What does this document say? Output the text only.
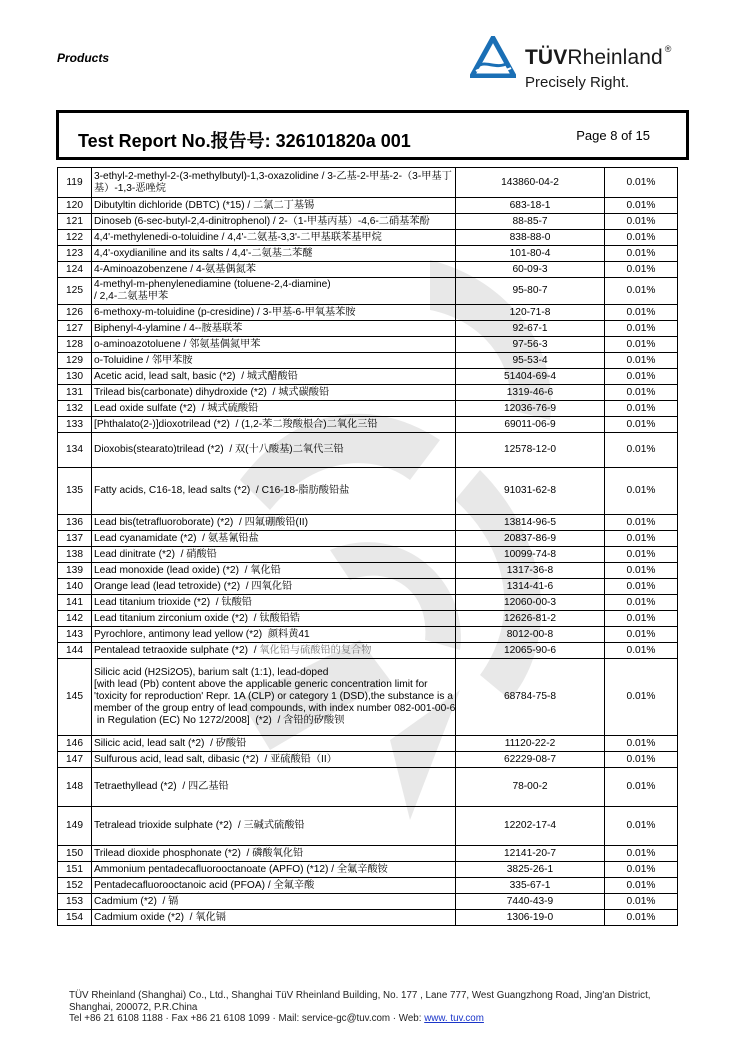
Products	TÜVRheinland ®
Precisely Right.
Test Report No.报告号: 326101820a 001	Page 8 of 15
119	3-ethyl-2-methyl-2-(3-methylbutyl)-1,3-oxazolidine / 3-乙基-2-甲基-2-（3-甲基丁基）-1,3-恶唑烷	143860-04-2	0.01%
120	Dibutyltin dichloride (DBTC) (*15) / 二氯二丁基锡	683-18-1	0.01%
121	Dinoseb (6-sec-butyl-2,4-dinitrophenol) / 2-（1-甲基丙基）-4,6-二硝基苯酚	88-85-7	0.01%
122	4,4'-methylenedi-o-toluidine / 4,4'-二氨基-3,3'-二甲基联苯基甲烷	838-88-0	0.01%
123	4,4'-oxydianiline and its salts / 4,4'-二氨基二苯醚	101-80-4	0.01%
124	4-Aminoazobenzene / 4-氨基偶氮苯	60-09-3	0.01%
125	4-methyl-m-phenylenediamine (toluene-2,4-diamine)
/ 2,4-二氨基甲苯	95-80-7	0.01%
126	6-methoxy-m-toluidine (p-cresidine) / 3-甲基-6-甲氧基苯胺	120-71-8	0.01%
127	Biphenyl-4-ylamine / 4--胺基联苯	92-67-1	0.01%
128	o-aminoazotoluene / 邻氨基偶氮甲苯	97-56-3	0.01%
129	o-Toluidine / 邻甲苯胺	95-53-4	0.01%
130	Acetic acid, lead salt, basic (*2)  / 城式醋酸铅	51404-69-4	0.01%
131	Trilead bis(carbonate) dihydroxide (*2)  / 城式碳酸铅	1319-46-6	0.01%
132	Lead oxide sulfate (*2)  / 城式硫酸铅	12036-76-9	0.01%
133	[Phthalato(2-)]dioxotrilead (*2)  / (1,2-苯二羧酸根合)二氧化三铅	69011-06-9	0.01%
134	Dioxobis(stearato)trilead (*2)  / 双(十八酸基)二氧代三铅	12578-12-0	0.01%
135	Fatty acids, C16-18, lead salts (*2)  / C16-18-脂肪酸铅盐	91031-62-8	0.01%
136	Lead bis(tetrafluoroborate) (*2)  / 四氟硼酸铅(II)	13814-96-5	0.01%
137	Lead cyanamidate (*2)  / 氨基氰铅盐	20837-86-9	0.01%
138	Lead dinitrate (*2)  / 硝酸铅	10099-74-8	0.01%
139	Lead monoxide (lead oxide) (*2)  / 氧化铅	1317-36-8	0.01%
140	Orange lead (lead tetroxide) (*2)  / 四氧化铅	1314-41-6	0.01%
141	Lead titanium trioxide (*2)  / 钛酸铅	12060-00-3	0.01%
142	Lead titanium zirconium oxide (*2)  / 钛酸铅锆	12626-81-2	0.01%
143	Pyrochlore, antimony lead yellow (*2)  颜料黄41	8012-00-8	0.01%
144	Pentalead tetraoxide sulphate (*2)  / 氧化铅与硫酸铅的复合物	12065-90-6	0.01%
145	Silicic acid (H2Si2O5), barium salt (1:1), lead-doped
[with lead (Pb) content above the applicable generic concentration limit for
'toxicity for reproduction' Repr. 1A (CLP) or category 1 (DSD),the substance is a
member of the group entry of lead compounds, with index number 082-001-00-6
in Regulation (EC) No 1272/2008]  (*2)  / 含铅的矽酸钡	68784-75-8	0.01%
146	Silicic acid, lead salt (*2)  / 矽酸铅	11120-22-2	0.01%
147	Sulfurous acid, lead salt, dibasic (*2)  / 亚硫酸铅（II）	62229-08-7	0.01%
148	Tetraethyllead (*2)  / 四乙基铅	78-00-2	0.01%
149	Tetralead trioxide sulphate (*2)  / 三碱式硫酸铅	12202-17-4	0.01%
150	Trilead dioxide phosphonate (*2)  / 磷酸氧化铅	12141-20-7	0.01%
151	Ammonium pentadecafluorooctanoate (APFO) (*12) / 全氟辛酸铵	3825-26-1	0.01%
152	Pentadecafluorooctanoic acid (PFOA) / 全氟辛酸	335-67-1	0.01%
153	Cadmium (*2)  / 镉	7440-43-9	0.01%
154	Cadmium oxide (*2)  / 氧化镉	1306-19-0	0.01%
TÜV Rheinland (Shanghai) Co., Ltd., Shanghai TüV Rheinland Building, No. 177 , Lane 777, West Guangzhong Road, Jing'an District,
Shanghai, 200072, P.R.China
Tel +86 21 6108 1188 · Fax +86 21 6108 1099 · Mail: service-gc@tuv.com · Web: www. tuv.com
